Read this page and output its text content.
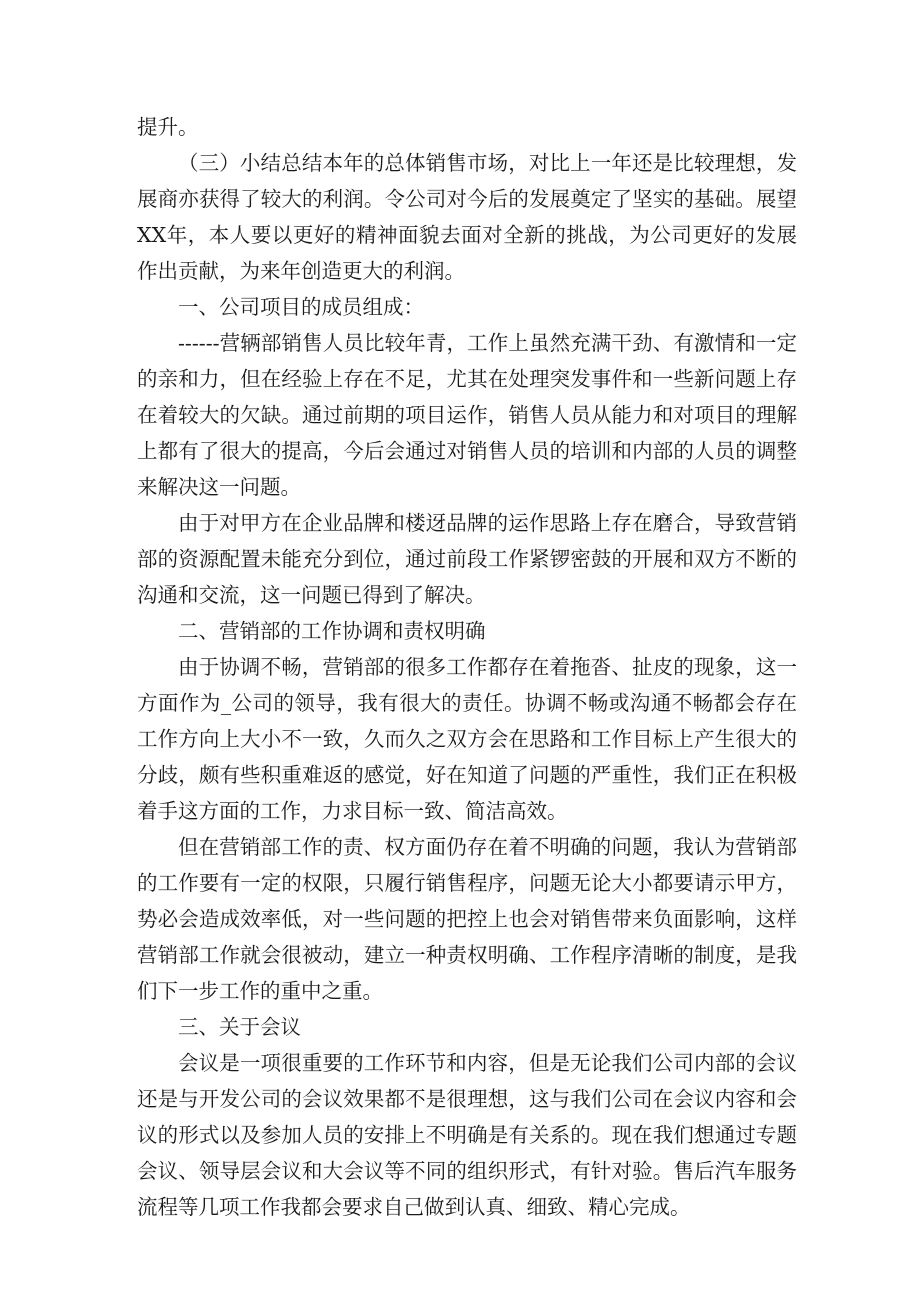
提升。

（三）小结总结本年的总体销售市场，对比上一年还是比较理想，发展商亦获得了较大的利润。令公司对今后的发展奠定了坚实的基础。展望XX年，本人要以更好的精神面貌去面对全新的挑战，为公司更好的发展作出贡献，为来年创造更大的利润。

一、公司项目的成员组成：

------营辆部销售人员比较年青，工作上虽然充满干劲、有激情和一定的亲和力，但在经验上存在不足，尤其在处理突发事件和一些新问题上存在着较大的欠缺。通过前期的项目运作，销售人员从能力和对项目的理解上都有了很大的提高，今后会通过对销售人员的培训和内部的人员的调整来解决这一问题。

由于对甲方在企业品牌和楼迓品牌的运作思路上存在磨合，导致营销部的资源配置未能充分到位，通过前段工作紧锣密鼓的开展和双方不断的沟通和交流，这一问题已得到了解决。

二、营销部的工作协调和责权明确

由于协调不畅，营销部的很多工作都存在着拖沓、扯皮的现象，这一方面作为_公司的领导，我有很大的责任。协调不畅或沟通不畅都会存在工作方向上大小不一致，久而久之双方会在思路和工作目标上产生很大的分歧，颇有些积重难返的感觉，好在知道了问题的严重性，我们正在积极着手这方面的工作，力求目标一致、简洁高效。

但在营销部工作的责、权方面仍存在着不明确的问题，我认为营销部的工作要有一定的权限，只履行销售程序，问题无论大小都要请示甲方，势必会造成效率低，对一些问题的把控上也会对销售带来负面影响，这样营销部工作就会很被动，建立一种责权明确、工作程序清晰的制度，是我们下一步工作的重中之重。

三、关于会议

会议是一项很重要的工作环节和内容，但是无论我们公司内部的会议还是与开发公司的会议效果都不是很理想，这与我们公司在会议内容和会议的形式以及参加人员的安排上不明确是有关系的。现在我们想通过专题会议、领导层会议和大会议等不同的组织形式，有针对验。售后汽车服务流程等几项工作我都会要求自己做到认真、细致、精心完成。
